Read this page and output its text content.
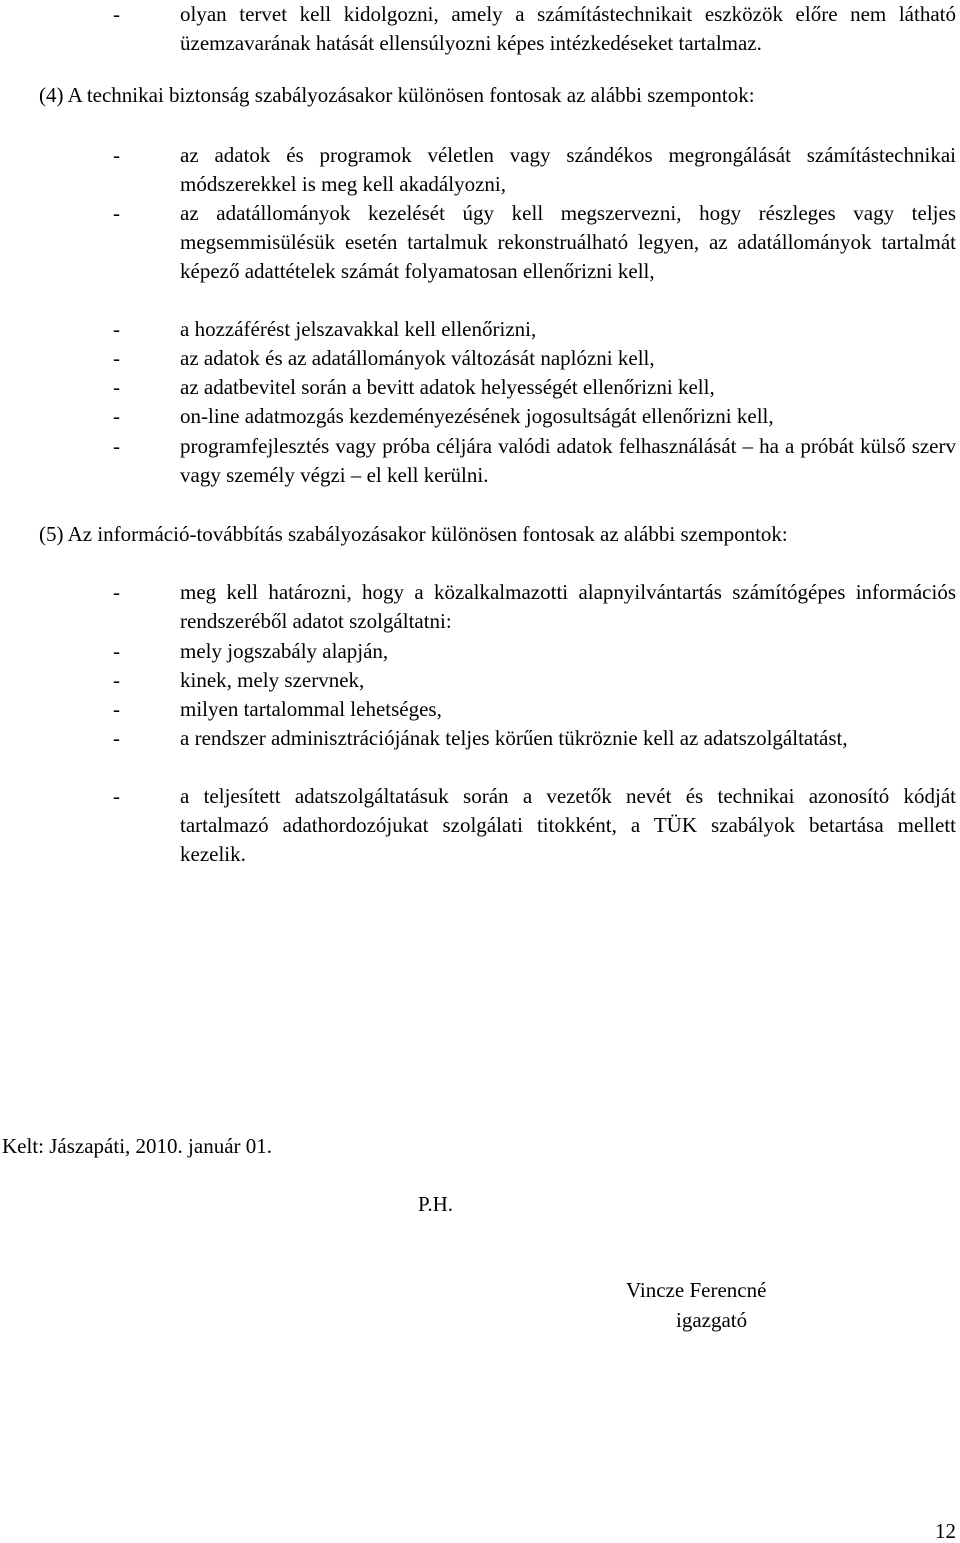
-	olyan tervet kell kidolgozni, amely a számítástechnikait eszközök előre nem látható üzemzavarának hatását ellensúlyozni képes intézkedéseket tartalmaz.
(4) A technikai biztonság szabályozásakor különösen fontosak az alábbi szempontok:
-	az adatok és programok véletlen vagy szándékos megrongálását számítástechnikai módszerekkel is meg kell akadályozni,
-	az adatállományok kezelését úgy kell megszervezni, hogy részleges vagy teljes megsemmisülésük esetén tartalmuk rekonstruálható legyen, az adatállományok tartalmát képező adattételek számát folyamatosan ellenőrizni kell,
-	a hozzáférést jelszavakkal kell ellenőrizni,
-	az adatok és az adatállományok változását naplózni kell,
-	az adatbevitel során a bevitt adatok helyességét ellenőrizni kell,
-	on-line adatmozgás kezdeményezésének jogosultságát ellenőrizni kell,
-	programfejlesztés vagy próba céljára valódi adatok felhasználását – ha a próbát külső szerv vagy személy végzi – el kell kerülni.
(5) Az információ-továbbítás szabályozásakor különösen fontosak az alábbi szempontok:
-	meg kell határozni, hogy a közalkalmazotti alapnyilvántartás számítógépes információs rendszeréből adatot szolgáltatni:
-	mely jogszabály alapján,
-	kinek, mely szervnek,
-	milyen tartalommal lehetséges,
-	a rendszer adminisztrációjának teljes körűen tükröznie kell az adatszolgáltatást,
-	a teljesített adatszolgáltatásuk során a vezetők nevét és technikai azonosító kódját tartalmazó adathordozójukat szolgálati titokként, a TÜK szabályok betartása mellett kezelik.
Kelt: Jászapáti, 2010. január 01.
P.H.
Vincze Ferencné
igazgató
12
